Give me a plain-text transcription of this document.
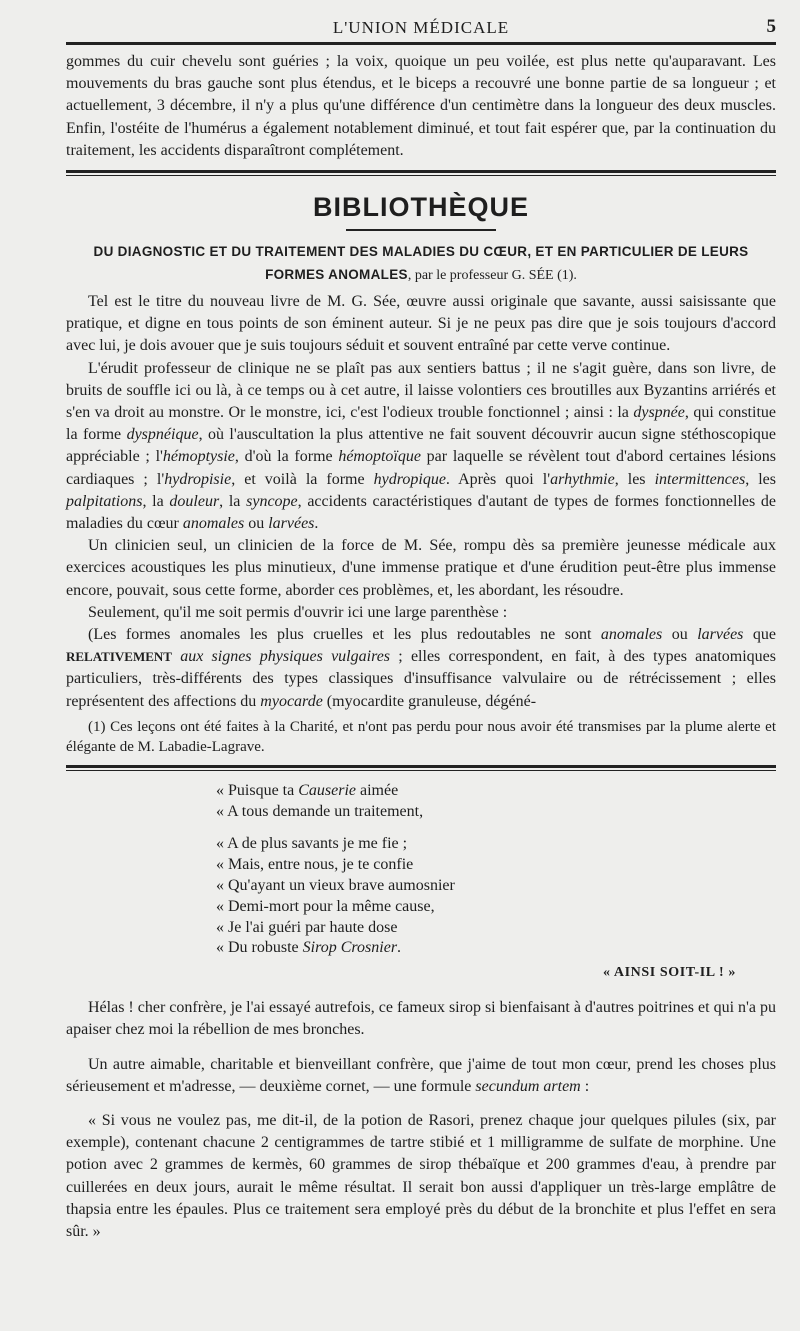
L'UNION MÉDICALE	5

gommes du cuir chevelu sont guéries ; la voix, quoique un peu voilée, est plus nette qu'auparavant. Les mouvements du bras gauche sont plus étendus, et le biceps a recouvré une bonne partie de sa longueur ; et actuellement, 3 décembre, il n'y a plus qu'une différence d'un centimètre dans la longueur des deux muscles. Enfin, l'ostéite de l'humérus a également notablement diminué, et tout fait espérer que, par la continuation du traitement, les accidents disparaîtront complétement.

BIBLIOTHÈQUE
DU DIAGNOSTIC ET DU TRAITEMENT DES MALADIES DU CŒUR, ET EN PARTICULIER DE LEURS FORMES ANOMALES, par le professeur G. SÉE (1).

Tel est le titre du nouveau livre de M. G. Sée, œuvre aussi originale que savante, aussi saisissante que pratique, et digne en tous points de son éminent auteur. Si je ne peux pas dire que je sois toujours d'accord avec lui, je dois avouer que je suis toujours séduit et souvent entraîné par cette verve continue.

L'érudit professeur de clinique ne se plaît pas aux sentiers battus ; il ne s'agit guère, dans son livre, de bruits de souffle ici ou là, à ce temps ou à cet autre, il laisse volontiers ces broutilles aux Byzantins arriérés et s'en va droit au monstre. Or le monstre, ici, c'est l'odieux trouble fonctionnel ; ainsi : la dyspnée, qui constitue la forme dyspnéique, où l'auscultation la plus attentive ne fait souvent découvrir aucun signe stéthoscopique appréciable ; l'hémoptysie, d'où la forme hémoptoïque par laquelle se révèlent tout d'abord certaines lésions cardiaques ; l'hydropisie, et voilà la forme hydropique. Après quoi l'arhythmie, les intermittences, les palpitations, la douleur, la syncope, accidents caractéristiques d'autant de types de formes fonctionnelles de maladies du cœur anomales ou larvées.

Un clinicien seul, un clinicien de la force de M. Sée, rompu dès sa première jeunesse médicale aux exercices acoustiques les plus minutieux, d'une immense pratique et d'une érudition peut-être plus immense encore, pouvait, sous cette forme, aborder ces problèmes, et, les abordant, les résoudre.

Seulement, qu'il me soit permis d'ouvrir ici une large parenthèse :

(Les formes anomales les plus cruelles et les plus redoutables ne sont anomales ou larvées que RELATIVEMENT aux signes physiques vulgaires ; elles correspondent, en fait, à des types anatomiques particuliers, très-différents des types classiques d'insuffisance valvulaire ou de rétrécissement ; elles représentent des affections du myocarde (myocardite granuleuse, dégéné-

(1) Ces leçons ont été faites à la Charité, et n'ont pas perdu pour nous avoir été transmises par la plume alerte et élégante de M. Labadie-Lagrave.

« Puisque ta Causerie aimée
« A tous demande un traitement,
« A de plus savants je me fie ;
« Mais, entre nous, je te confie
« Qu'ayant un vieux brave aumosnier
« Demi-mort pour la même cause,
« Je l'ai guéri par haute dose
« Du robuste Sirop Crosnier.
« AINSI SOIT-IL ! »

Hélas ! cher confrère, je l'ai essayé autrefois, ce fameux sirop si bienfaisant à d'autres poitrines et qui n'a pu apaiser chez moi la rébellion de mes bronches.

Un autre aimable, charitable et bienveillant confrère, que j'aime de tout mon cœur, prend les choses plus sérieusement et m'adresse, — deuxième cornet, — une formule secundum artem :

« Si vous ne voulez pas, me dit-il, de la potion de Rasori, prenez chaque jour quelques pilules (six, par exemple), contenant chacune 2 centigrammes de tartre stibié et 1 milligramme de sulfate de morphine. Une potion avec 2 grammes de kermès, 60 grammes de sirop thébaïque et 200 grammes d'eau, à prendre par cuillerées en deux jours, aurait le même résultat. Il serait bon aussi d'appliquer un très-large emplâtre de thapsia entre les épaules. Plus ce traitement sera employé près du début de la bronchite et plus l'effet en sera sûr. »
